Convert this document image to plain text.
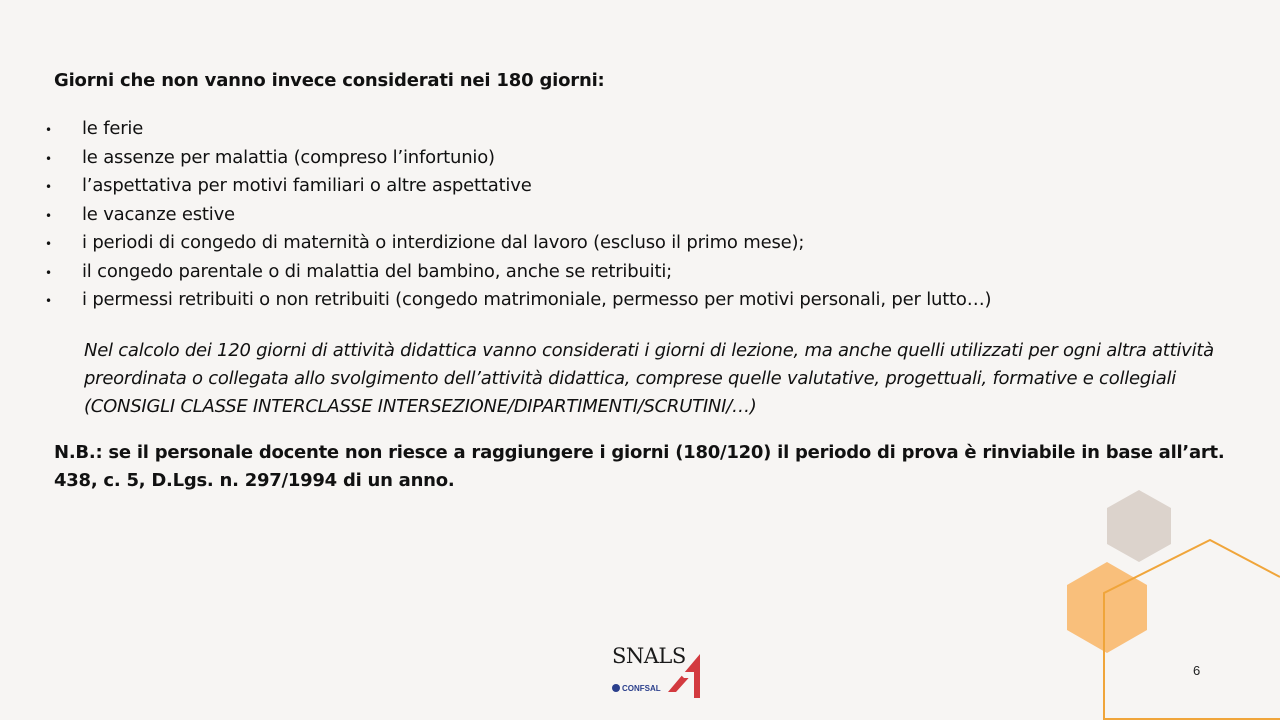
Giorni che non vanno invece considerati nei 180 giorni:
• le ferie
• le assenze per malattia (compreso l’infortunio)
• l’aspettativa per motivi familiari o altre aspettative
• le vacanze estive
• i periodi di congedo di maternità o interdizione dal lavoro (escluso il primo mese);
• il congedo parentale o di malattia del bambino, anche se retribuiti;
• i permessi retribuiti o non retribuiti (congedo matrimoniale, permesso per motivi personali, per lutto…)
Nel calcolo dei 120 giorni di attività didattica vanno considerati i giorni di lezione, ma anche quelli utilizzati per ogni altra attività preordinata o collegata allo svolgimento dell’attività didattica, comprese quelle valutative, progettuali, formative e collegiali (CONSIGLI CLASSE INTERCLASSE INTERSEZIONE/DIPARTIMENTI/SCRUTINI/…)
N.B.: se il personale docente non riesce a raggiungere i giorni (180/120) il periodo di prova è rinviabile in base all’art. 438, c. 5, D.Lgs. n. 297/1994 di un anno.
SNALS
CONFSAL
6
